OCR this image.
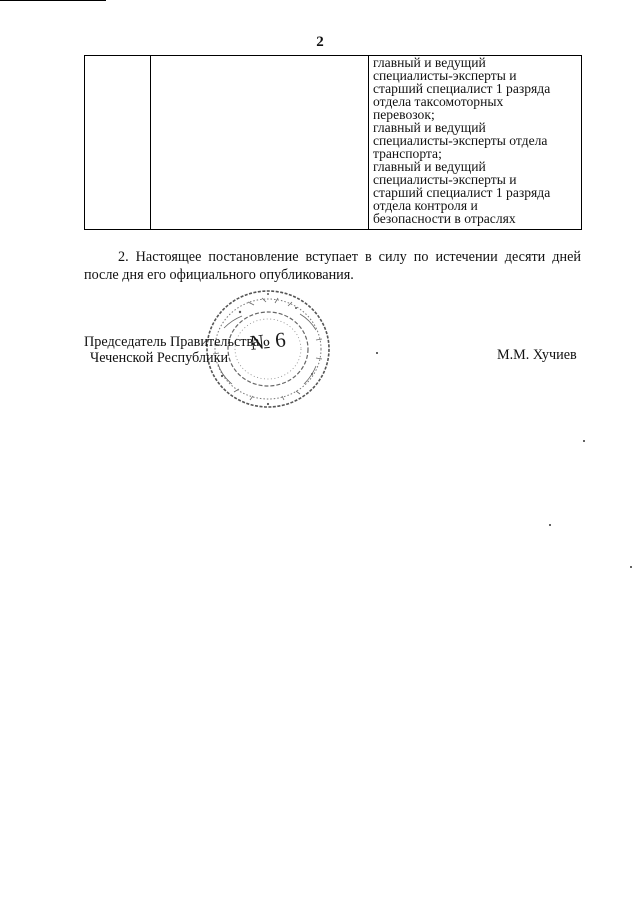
2

главный и ведущий
специалисты-эксперты и
старший специалист 1 разряда
отдела таксомоторных
перевозок;
главный и ведущий
специалисты-эксперты отдела
транспорта;
главный и ведущий
специалисты-эксперты и
старший специалист 1 разряда
отдела контроля и
безопасности в отраслях
2. Настоящее постановление вступает в силу по истечении десяти дней после дня его официального опубликования.
№ 6
Председатель Правительства
Чеченской Республики	М.М. Хучиев
